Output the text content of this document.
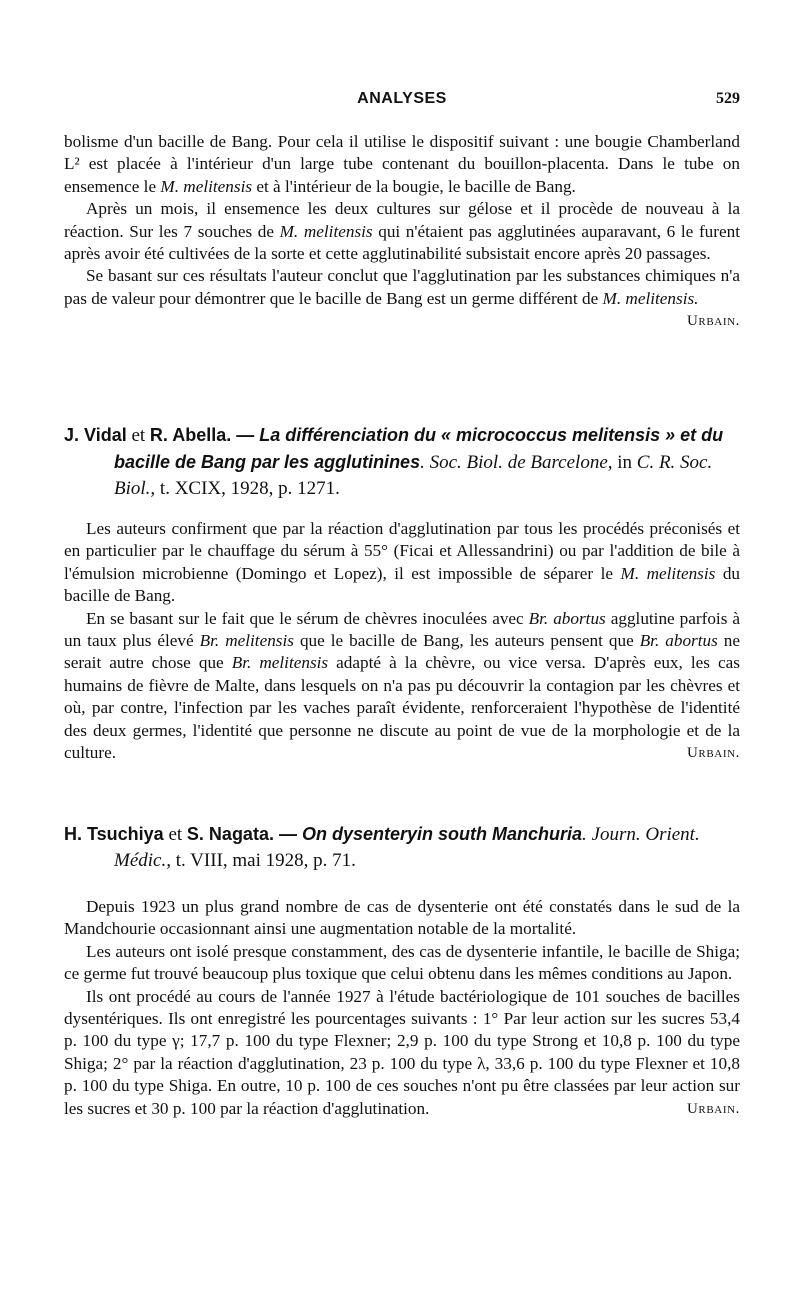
ANALYSES	529

bolisme d'un bacille de Bang. Pour cela il utilise le dispositif suivant : une bougie Chamberland L² est placée à l'intérieur d'un large tube contenant du bouillon-placenta. Dans le tube on ensemence le M. melitensis et à l'intérieur de la bougie, le bacille de Bang.

Après un mois, il ensemence les deux cultures sur gélose et il procède de nouveau à la réaction. Sur les 7 souches de M. melitensis qui n'étaient pas agglutinées auparavant, 6 le furent après avoir été cultivées de la sorte et cette agglutinabilité subsistait encore après 20 passages.

Se basant sur ces résultats l'auteur conclut que l'agglutination par les substances chimiques n'a pas de valeur pour démontrer que le bacille de Bang est un germe différent de M. melitensis.
Urbain.

J. Vidal et R. Abella. — La différenciation du « micrococcus melitensis » et du bacille de Bang par les agglutinines. Soc. Biol. de Barcelone, in C. R. Soc. Biol., t. XCIX, 1928, p. 1271.

Les auteurs confirment que par la réaction d'agglutination par tous les procédés préconisés et en particulier par le chauffage du sérum à 55° (Ficai et Allessandrini) ou par l'addition de bile à l'émulsion microbienne (Domingo et Lopez), il est impossible de séparer le M. melitensis du bacille de Bang.

En se basant sur le fait que le sérum de chèvres inoculées avec Br. abortus agglutine parfois à un taux plus élevé Br. melitensis que le bacille de Bang, les auteurs pensent que Br. abortus ne serait autre chose que Br. melitensis adapté à la chèvre, ou vice versa. D'après eux, les cas humains de fièvre de Malte, dans lesquels on n'a pas pu découvrir la contagion par les chèvres et où, par contre, l'infection par les vaches paraît évidente, renforceraient l'hypothèse de l'identité des deux germes, l'identité que personne ne discute au point de vue de la morphologie et de la culture.	Urbain.

H. Tsuchiya et S. Nagata. — On dysenteryin south Manchuria. Journ. Orient. Médic., t. VIII, mai 1928, p. 71.

Depuis 1923 un plus grand nombre de cas de dysenterie ont été constatés dans le sud de la Mandchourie occasionnant ainsi une augmentation notable de la mortalité.

Les auteurs ont isolé presque constamment, des cas de dysenterie infantile, le bacille de Shiga; ce germe fut trouvé beaucoup plus toxique que celui obtenu dans les mêmes conditions au Japon.

Ils ont procédé au cours de l'année 1927 à l'étude bactériologique de 101 souches de bacilles dysentériques. Ils ont enregistré les pourcentages suivants : 1° Par leur action sur les sucres 53,4 p. 100 du type γ; 17,7 p. 100 du type Flexner; 2,9 p. 100 du type Strong et 10,8 p. 100 du type Shiga; 2° par la réaction d'agglutination, 23 p. 100 du type λ, 33,6 p. 100 du type Flexner et 10,8 p. 100 du type Shiga. En outre, 10 p. 100 de ces souches n'ont pu être classées par leur action sur les sucres et 30 p. 100 par la réaction d'agglutination.	Urbain.
